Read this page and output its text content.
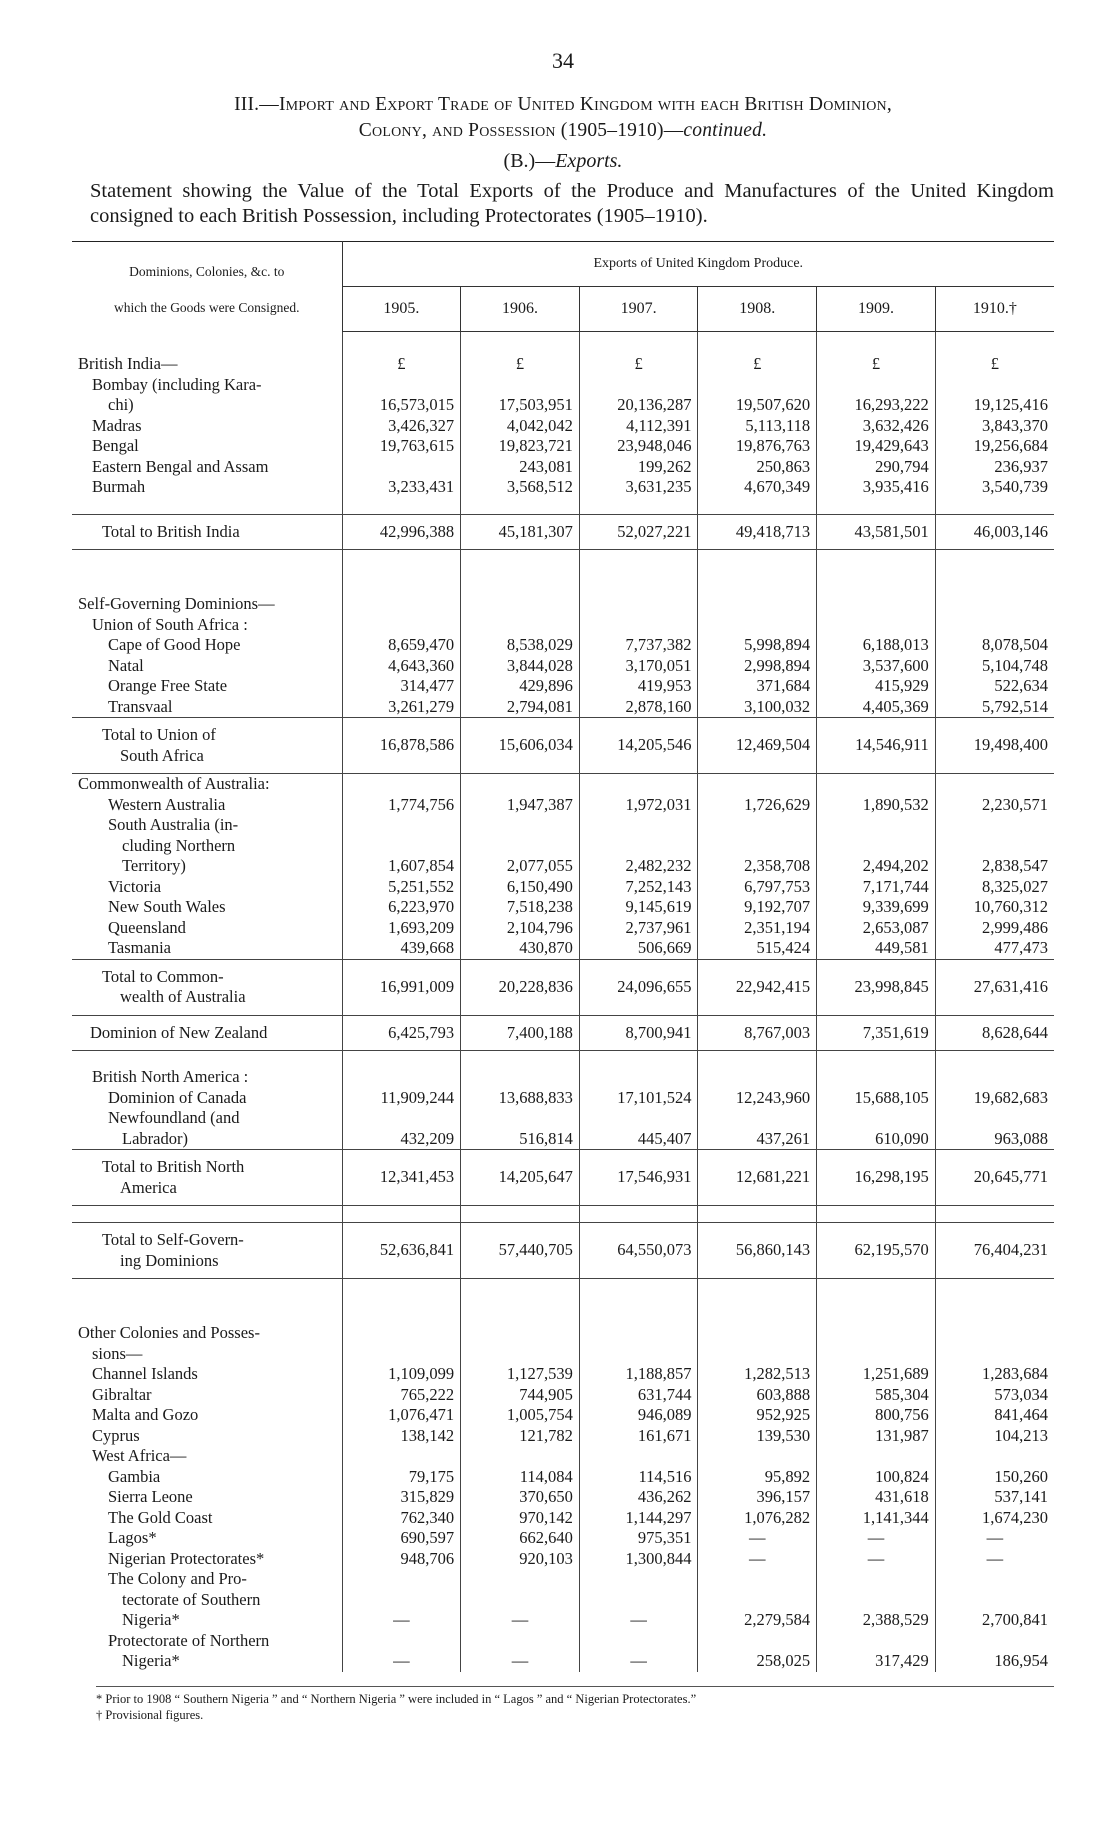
34
III.—Import and Export Trade of United Kingdom with each British Dominion,
Colony, and Possession (1905–1910)—continued.
(B.)—Exports.
Statement showing the Value of the Total Exports of the Produce and Manufactures of the United Kingdom consigned to each British Possession, including Protectorates (1905–1910).
Dominions, Colonies, &c. to
which the Goods were Consigned.	Exports of United Kingdom Produce.					
	1905.	1906.	1907.	1908.	1909.	1910.†
British India—	£	£	£	£	£	£
Bombay (including Kara-						
chi)	16,573,015	17,503,951	20,136,287	19,507,620	16,293,222	19,125,416
Madras	3,426,327	4,042,042	4,112,391	5,113,118	3,632,426	3,843,370
Bengal	19,763,615	19,823,721	23,948,046	19,876,763	19,429,643	19,256,684
Eastern Bengal and Assam		243,081	199,262	250,863	290,794	236,937
Burmah	3,233,431	3,568,512	3,631,235	4,670,349	3,935,416	3,540,739

Total to British India	42,996,388	45,181,307	52,027,221	49,418,713	43,581,501	46,003,146

Self-Governing Dominions—						
Union of South Africa :						
Cape of Good Hope	8,659,470	8,538,029	7,737,382	5,998,894	6,188,013	8,078,504
Natal	4,643,360	3,844,028	3,170,051	2,998,894	3,537,600	5,104,748
Orange Free State	314,477	429,896	419,953	371,684	415,929	522,634
Transvaal	3,261,279	2,794,081	2,878,160	3,100,032	4,405,369	5,792,514

Total to Union of
South Africa	16,878,586	15,606,034	14,205,546	12,469,504	14,546,911	19,498,400
Commonwealth of Australia:						
Western Australia	1,774,756	1,947,387	1,972,031	1,726,629	1,890,532	2,230,571
South Australia (in-						
cluding Northern						
Territory)	1,607,854	2,077,055	2,482,232	2,358,708	2,494,202	2,838,547
Victoria	5,251,552	6,150,490	7,252,143	6,797,753	7,171,744	8,325,027
New South Wales	6,223,970	7,518,238	9,145,619	9,192,707	9,339,699	10,760,312
Queensland	1,693,209	2,104,796	2,737,961	2,351,194	2,653,087	2,999,486
Tasmania	439,668	430,870	506,669	515,424	449,581	477,473

Total to Common-
wealth of Australia	16,991,009	20,228,836	24,096,655	22,942,415	23,998,845	27,631,416
Dominion of New Zealand	6,425,793	7,400,188	8,700,941	8,767,003	7,351,619	8,628,644

British North America :						
Dominion of Canada	11,909,244	13,688,833	17,101,524	12,243,960	15,688,105	19,682,683
Newfoundland (and						
Labrador)	432,209	516,814	445,407	437,261	610,090	963,088

Total to British North
America	12,341,453	14,205,647	17,546,931	12,681,221	16,298,195	20,645,771

Total to Self-Govern-
ing Dominions	52,636,841	57,440,705	64,550,073	56,860,143	62,195,570	76,404,231

Other Colonies and Posses-						
sions—						
Channel Islands	1,109,099	1,127,539	1,188,857	1,282,513	1,251,689	1,283,684
Gibraltar	765,222	744,905	631,744	603,888	585,304	573,034
Malta and Gozo	1,076,471	1,005,754	946,089	952,925	800,756	841,464
Cyprus	138,142	121,782	161,671	139,530	131,987	104,213
West Africa—						
Gambia	79,175	114,084	114,516	95,892	100,824	150,260
Sierra Leone	315,829	370,650	436,262	396,157	431,618	537,141
The Gold Coast	762,340	970,142	1,144,297	1,076,282	1,141,344	1,674,230
Lagos*	690,597	662,640	975,351	—	—	—
Nigerian Protectorates*	948,706	920,103	1,300,844	—	—	—
The Colony and Pro-						
tectorate of Southern						
Nigeria*	—	—	—	2,279,584	2,388,529	2,700,841
Protectorate of Northern						
Nigeria*	—	—	—	258,025	317,429	186,954
* Prior to 1908 “ Southern Nigeria ” and “ Northern Nigeria ” were included in “ Lagos ” and “ Nigerian Protectorates.”
† Provisional figures.
